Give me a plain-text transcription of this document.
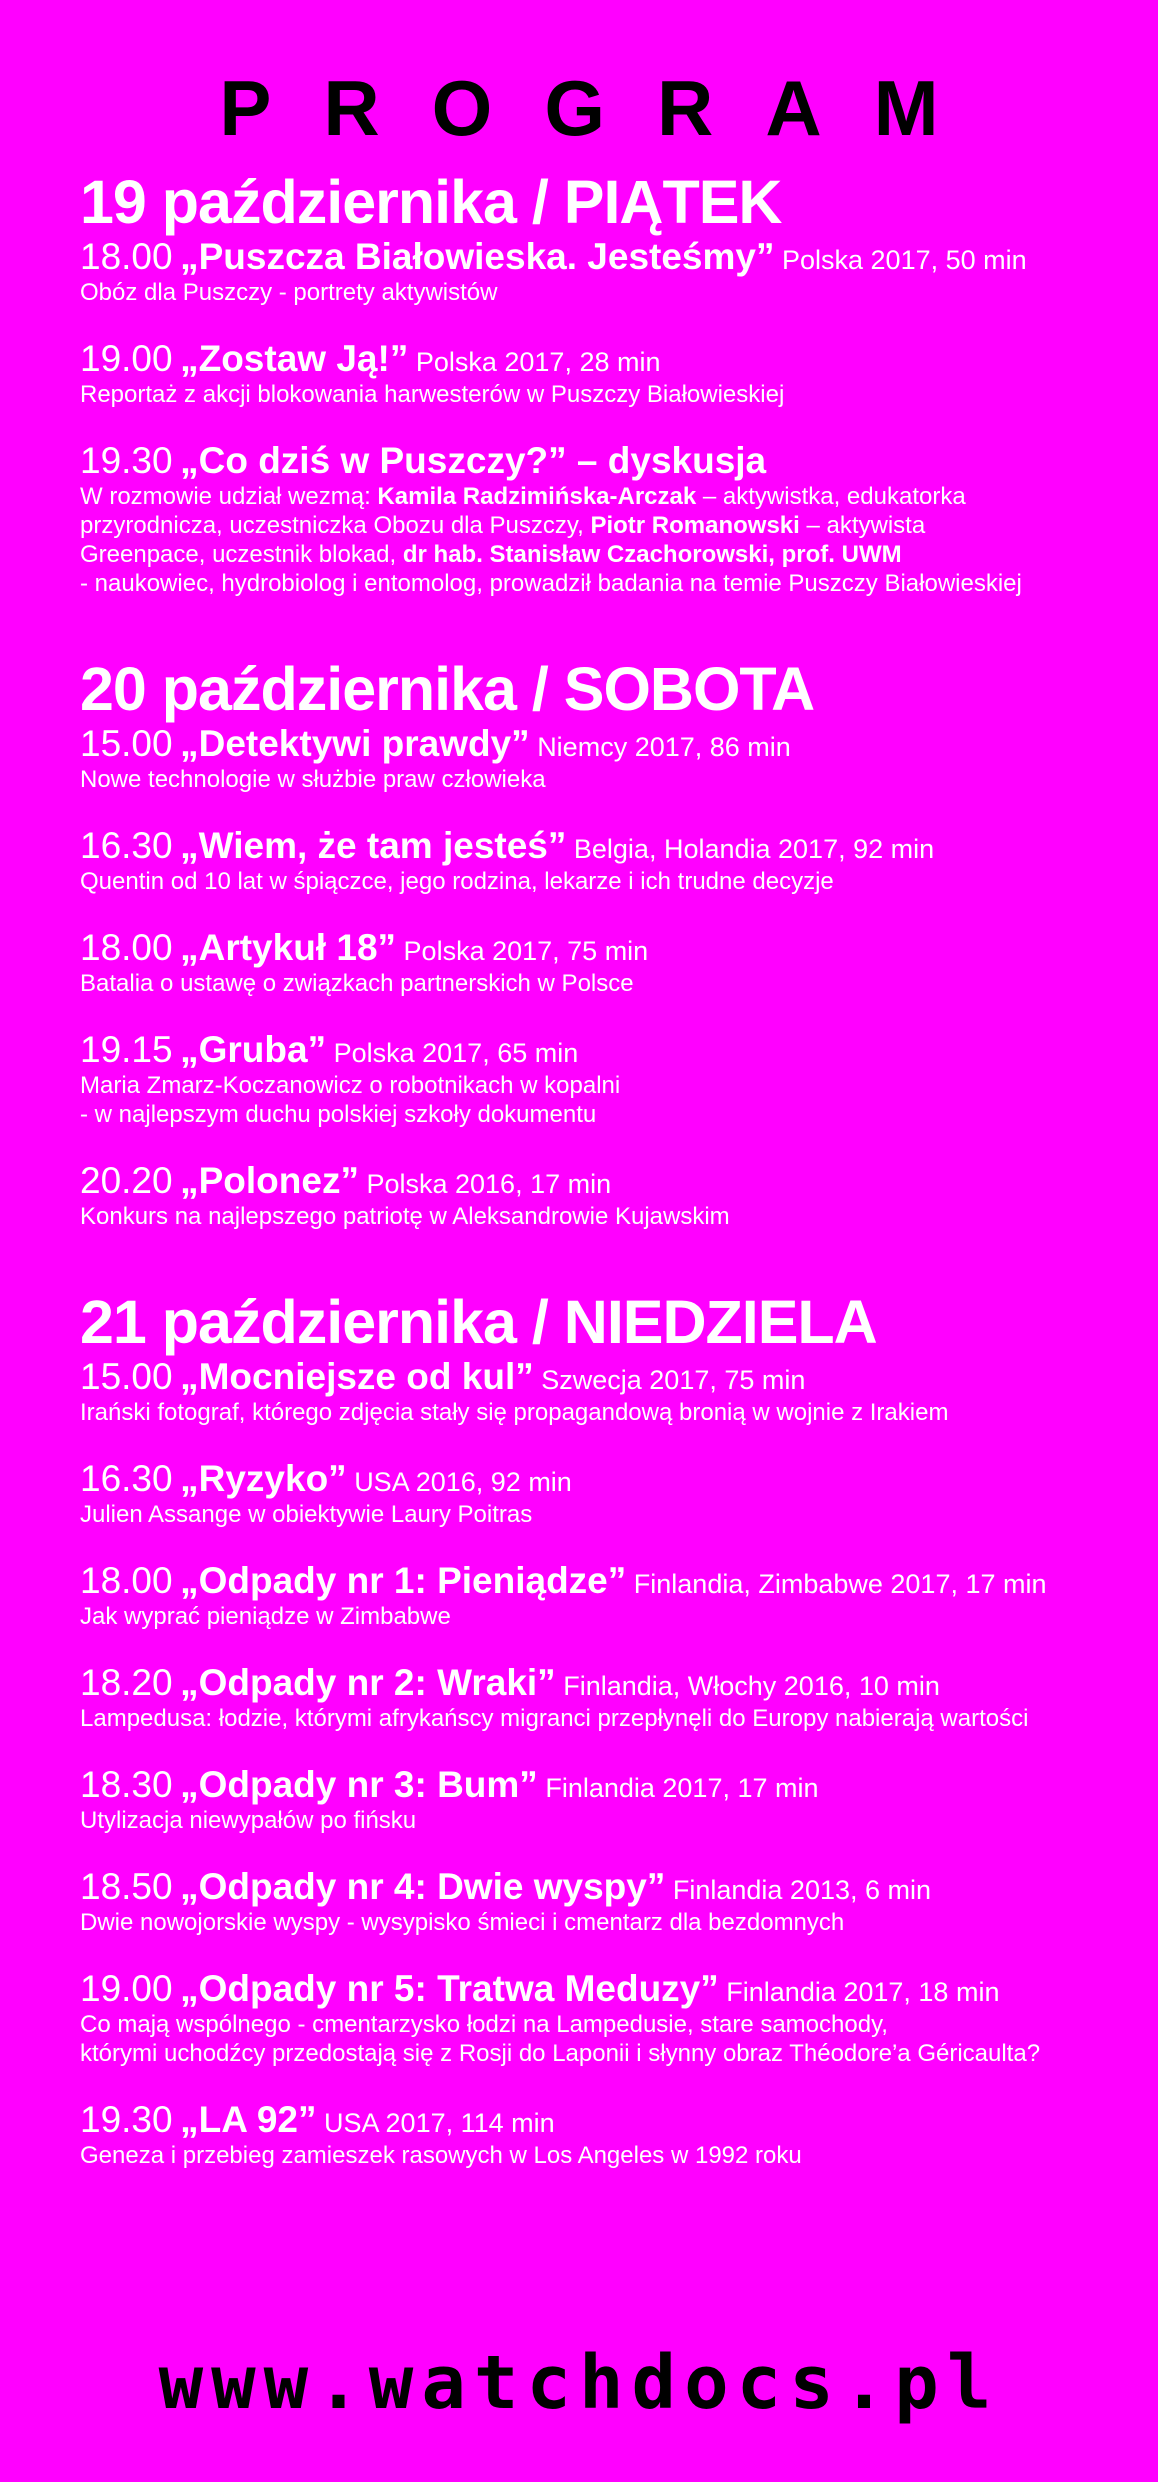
PROGRAM
19 października / PIĄTEK
18.00 „Puszcza Białowieska. Jesteśmy” Polska 2017, 50 min
Obóz dla Puszczy - portrety aktywistów
19.00 „Zostaw Ją!” Polska 2017, 28 min
Reportaż z akcji blokowania harwesterów w Puszczy Białowieskiej
19.30 „Co dziś w Puszczy?” – dyskusja
W rozmowie udział wezmą: Kamila Radzimińska-Arczak – aktywistka, edukatorka
przyrodnicza, uczestniczka Obozu dla Puszczy, Piotr Romanowski – aktywista
Greenpace, uczestnik blokad, dr hab. Stanisław Czachorowski, prof. UWM
- naukowiec, hydrobiolog i entomolog, prowadził badania na temie Puszczy Białowieskiej
20 października / SOBOTA
15.00 „Detektywi prawdy” Niemcy 2017, 86 min
Nowe technologie w służbie praw człowieka
16.30 „Wiem, że tam jesteś” Belgia, Holandia 2017, 92 min
Quentin od 10 lat w śpiączce, jego rodzina, lekarze i ich trudne decyzje
18.00 „Artykuł 18” Polska 2017, 75 min
Batalia o ustawę o związkach partnerskich w Polsce
19.15 „Gruba” Polska 2017, 65 min
Maria Zmarz-Koczanowicz o robotnikach w kopalni
- w najlepszym duchu polskiej szkoły dokumentu
20.20 „Polonez” Polska 2016, 17 min
Konkurs na najlepszego patriotę w Aleksandrowie Kujawskim
21 października / NIEDZIELA
15.00 „Mocniejsze od kul” Szwecja 2017, 75 min
Irański fotograf, którego zdjęcia stały się propagandową bronią w wojnie z Irakiem
16.30 „Ryzyko” USA 2016, 92 min
Julien Assange w obiektywie Laury Poitras
18.00 „Odpady nr 1: Pieniądze” Finlandia, Zimbabwe 2017, 17 min
Jak wyprać pieniądze w Zimbabwe
18.20 „Odpady nr 2: Wraki” Finlandia, Włochy 2016, 10 min
Lampedusa: łodzie, którymi afrykańscy migranci przepłynęli do Europy nabierają wartości
18.30 „Odpady nr 3: Bum” Finlandia 2017, 17 min
Utylizacja niewypałów po fińsku
18.50 „Odpady nr 4: Dwie wyspy” Finlandia 2013, 6 min
Dwie nowojorskie wyspy - wysypisko śmieci i cmentarz dla bezdomnych
19.00 „Odpady nr 5: Tratwa Meduzy” Finlandia 2017, 18 min
Co mają wspólnego - cmentarzysko łodzi na Lampedusie, stare samochody,
którymi uchodźcy przedostają się z Rosji do Laponii i słynny obraz Théodore’a Géricaulta?
19.30 „LA 92” USA 2017, 114 min
Geneza i przebieg zamieszek rasowych w Los Angeles w 1992 roku
www.watchdocs.pl
